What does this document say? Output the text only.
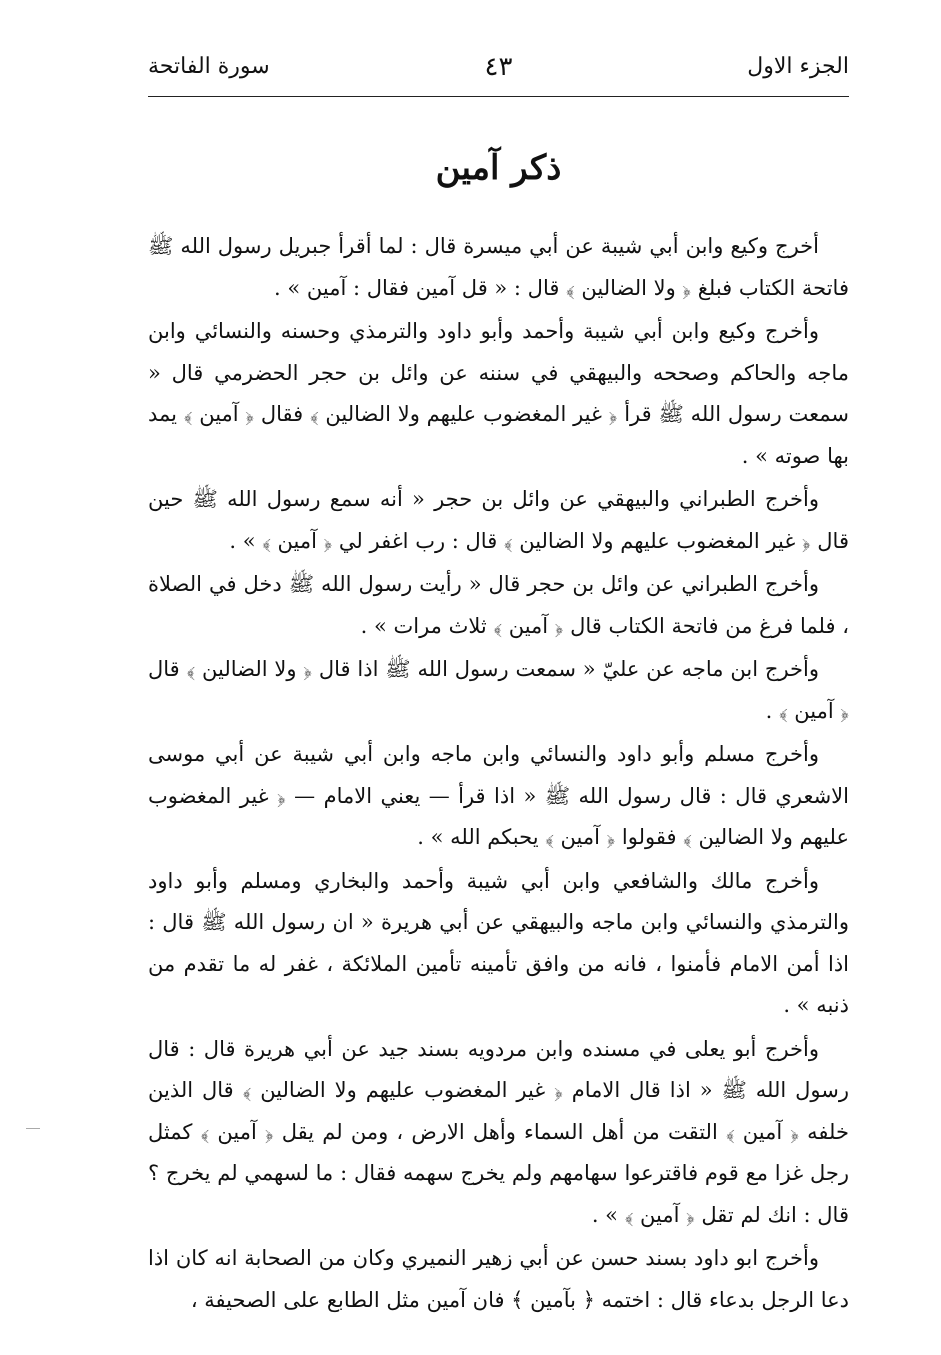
الجزء الاول
٤٣
سورة الفاتحة
ذكر آمين

أخرج وكيع وابن أبي شيبة عن أبي ميسرة قال : لما أقرأ جبريل رسول الله ﷺ فاتحة الكتاب فبلغ ﴿ ولا الضالين ﴾ قال : « قل آمين فقال : آمين » .

وأخرج وكيع وابن أبي شيبة وأحمد وأبو داود والترمذي وحسنه والنسائي وابن ماجه والحاكم وصححه والبيهقي في سننه عن وائل بن حجر الحضرمي قال « سمعت رسول الله ﷺ قرأ ﴿ غير المغضوب عليهم ولا الضالين ﴾ فقال ﴿ آمين ﴾ يمد بها صوته » .

وأخرج الطبراني والبيهقي عن وائل بن حجر « أنه سمع رسول الله ﷺ حين قال ﴿ غير المغضوب عليهم ولا الضالين ﴾ قال : رب اغفر لي ﴿ آمين ﴾ » .

وأخرج الطبراني عن وائل بن حجر قال « رأيت رسول الله ﷺ دخل في الصلاة ، فلما فرغ من فاتحة الكتاب قال ﴿ آمين ﴾ ثلاث مرات » .

وأخرج ابن ماجه عن عليّ « سمعت رسول الله ﷺ اذا قال ﴿ ولا الضالين ﴾ قال ﴿ آمين ﴾ .

وأخرج مسلم وأبو داود والنسائي وابن ماجه وابن أبي شيبة عن أبي موسى الاشعري قال : قال رسول الله ﷺ « اذا قرأ — يعني الامام — ﴿ غير المغضوب عليهم ولا الضالين ﴾ فقولوا ﴿ آمين ﴾ يحبكم الله » .

وأخرج مالك والشافعي وابن أبي شيبة وأحمد والبخاري ومسلم وأبو داود والترمذي والنسائي وابن ماجه والبيهقي عن أبي هريرة « ان رسول الله ﷺ قال : اذا أمن الامام فأمنوا ، فانه من وافق تأمينه تأمين الملائكة ، غفر له ما تقدم من ذنبه » .

وأخرج أبو يعلى في مسنده وابن مردويه بسند جيد عن أبي هريرة قال : قال رسول الله ﷺ « اذا قال الامام ﴿ غير المغضوب عليهم ولا الضالين ﴾ قال الذين خلفه ﴿ آمين ﴾ التقت من أهل السماء وأهل الارض ، ومن لم يقل ﴿ آمين ﴾ كمثل رجل غزا مع قوم فاقترعوا سهامهم ولم يخرج سهمه فقال : ما لسهمي لم يخرج ؟ قال : انك لم تقل ﴿ آمين ﴾ » .

وأخرج ابو داود بسند حسن عن أبي زهير النميري وكان من الصحابة انه كان اذا دعا الرجل بدعاء قال : اختمه ﴿ بآمين ﴾ فان آمين مثل الطابع على الصحيفة ،
